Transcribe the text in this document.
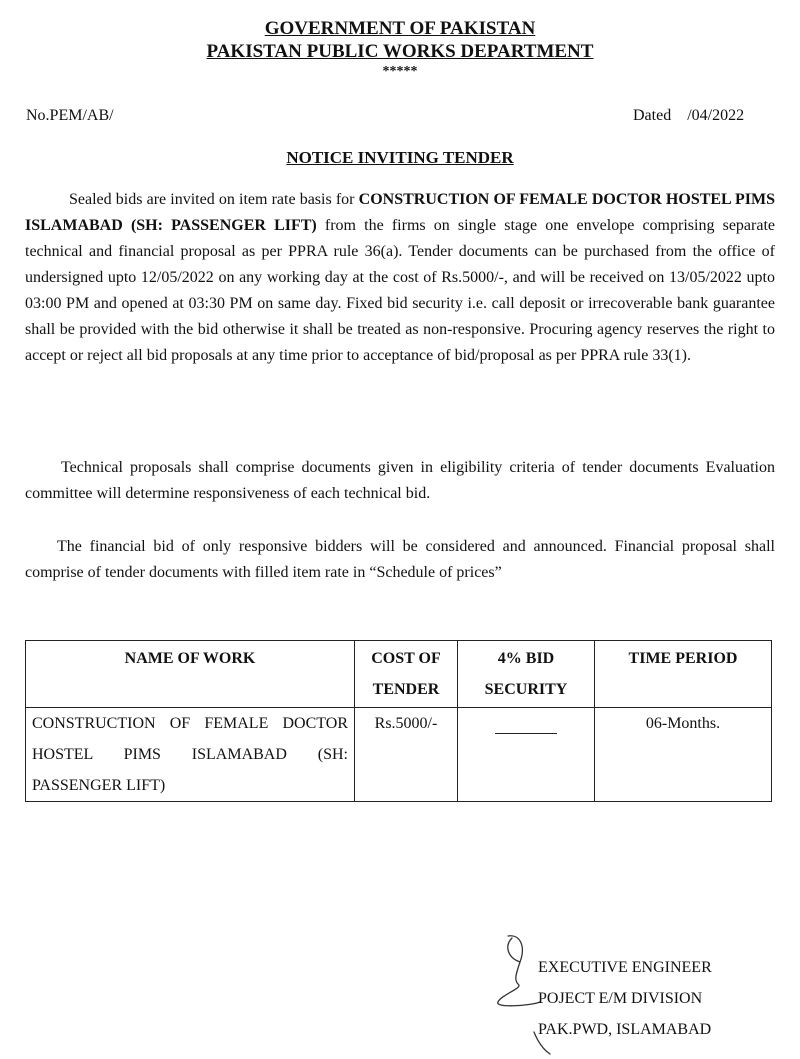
GOVERNMENT OF PAKISTAN
PAKISTAN PUBLIC WORKS DEPARTMENT
*****
No.PEM/AB/	Dated    /04/2022
NOTICE INVITING TENDER

Sealed bids are invited on item rate basis for CONSTRUCTION OF FEMALE DOCTOR HOSTEL PIMS ISLAMABAD (SH: PASSENGER LIFT) from the firms on single stage one envelope comprising separate technical and financial proposal as per PPRA rule 36(a). Tender documents can be purchased from the office of undersigned upto 12/05/2022 on any working day at the cost of Rs.5000/-, and will be received on 13/05/2022 upto 03:00 PM and opened at 03:30 PM on same day. Fixed bid security i.e. call deposit or irrecoverable bank guarantee shall be provided with the bid otherwise it shall be treated as non-responsive. Procuring agency reserves the right to accept or reject all bid proposals at any time prior to acceptance of bid/proposal as per PPRA rule 33(1).

Technical proposals shall comprise documents given in eligibility criteria of tender documents Evaluation committee will determine responsiveness of each technical bid.

The financial bid of only responsive bidders will be considered and announced. Financial proposal shall comprise of tender documents with filled item rate in “Schedule of prices”

NAME OF WORK	COST OF TENDER	4% BID SECURITY	TIME PERIOD
CONSTRUCTION OF FEMALE DOCTOR HOSTEL PIMS ISLAMABAD (SH: PASSENGER LIFT)	Rs.5000/-		06-Months.
EXECUTIVE ENGINEER
POJECT E/M DIVISION
PAK.PWD, ISLAMABAD
